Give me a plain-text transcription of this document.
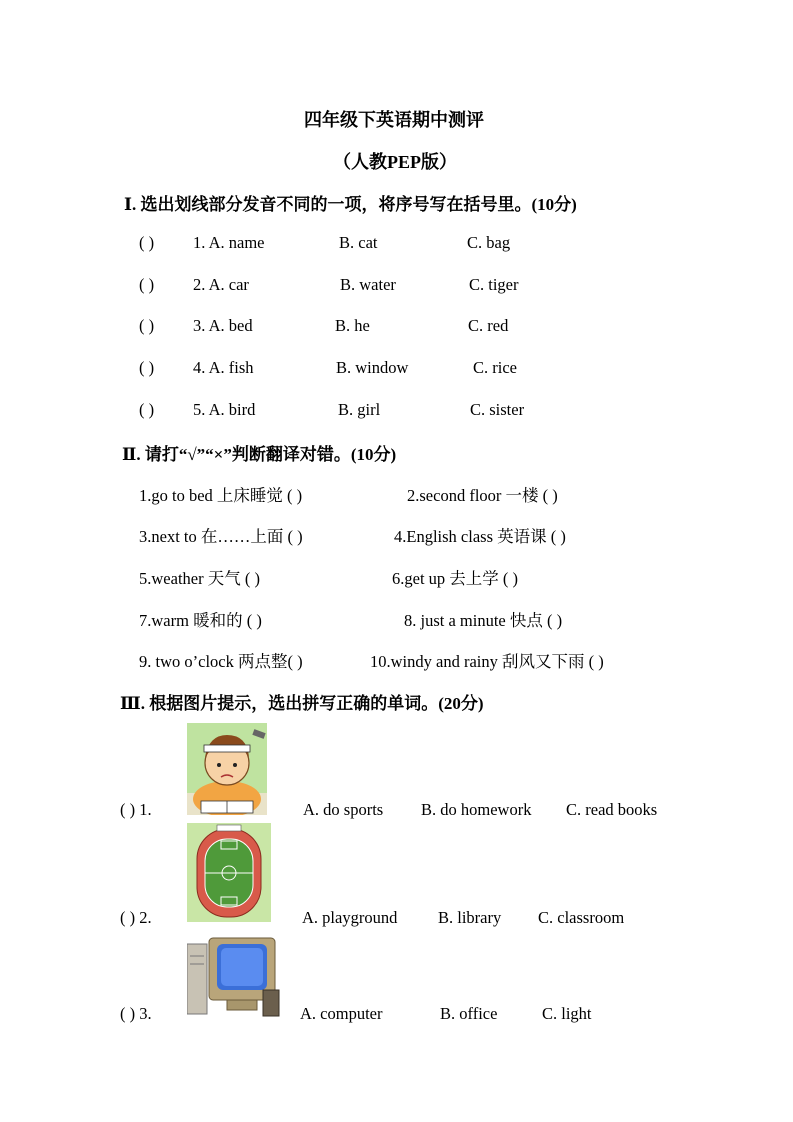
四年级下英语期中测评
（人教PEP版）
Ⅰ. 选出划线部分发音不同的一项，将序号写在括号里。(10分)
( ) 1. A. name	B. cat	C. bag
( ) 2. A. car	B. water	C. tiger
( ) 3. A. bed	B. he	C. red
( ) 4. A. fish	B. window	C. rice
( ) 5. A. bird	B. girl	C. sister
Ⅱ. 请打“√”“×”判断翻译对错。(10分)
1.go to bed 上床睡觉 ( )	2.second floor 一楼 ( )
3.next to 在……上面 ( )	4.English class 英语课 ( )
5.weather 天气 ( )	6.get up 去上学 ( )
7.warm 暖和的 ( )	8. just a minute 快点 ( )
9. two o’clock 两点整( )	10.windy and rainy 刮风又下雨 ( )
Ⅲ. 根据图片提示，选出拼写正确的单词。(20分)
( ) 1.	A. do sports B. do homework C. read books
( ) 2.	A. playground B. library C. classroom
( ) 3.	A. computer	B. office	C. light
